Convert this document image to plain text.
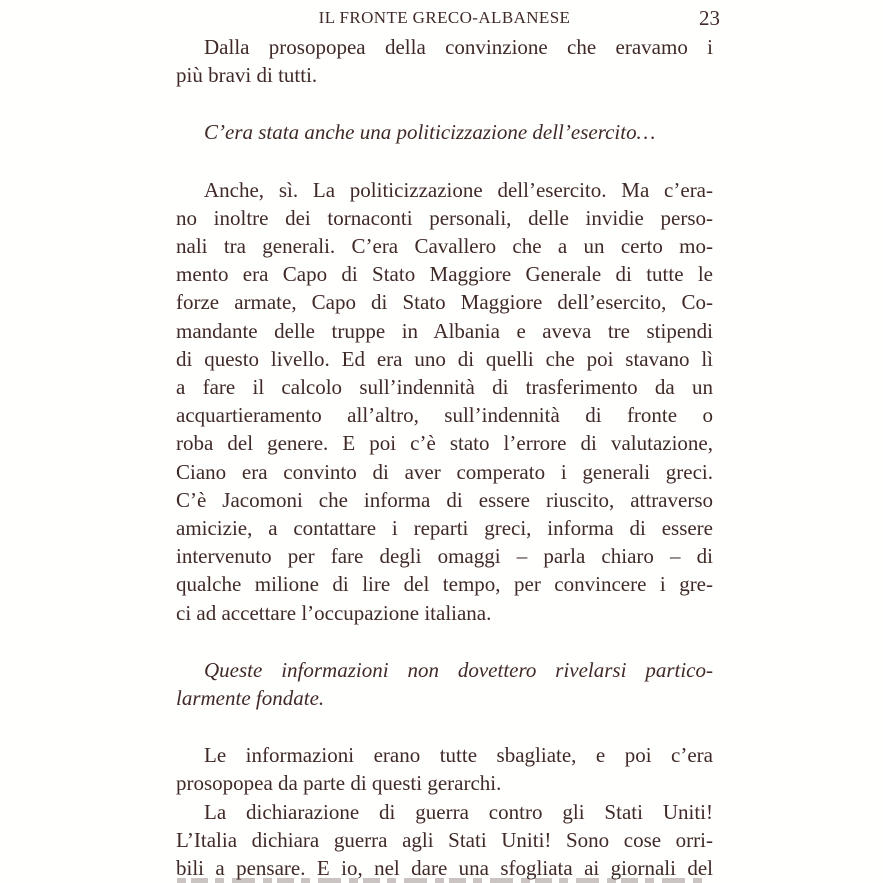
IL FRONTE GRECO-ALBANESE	23
Dalla prosopopea della convinzione che eravamo i
più bravi di tutti.
C’era stata anche una politicizzazione dell’esercito…
Anche, sì. La politicizzazione dell’esercito. Ma c’era-
no inoltre dei tornaconti personali, delle invidie perso-
nali tra generali. C’era Cavallero che a un certo mo-
mento era Capo di Stato Maggiore Generale di tutte le
forze armate, Capo di Stato Maggiore dell’esercito, Co-
mandante delle truppe in Albania e aveva tre stipendi
di questo livello. Ed era uno di quelli che poi stavano lì
a fare il calcolo sull’indennità di trasferimento da un
acquartieramento all’altro, sull’indennità di fronte o
roba del genere. E poi c’è stato l’errore di valutazione,
Ciano era convinto di aver comperato i generali greci.
C’è Jacomoni che informa di essere riuscito, attraverso
amicizie, a contattare i reparti greci, informa di essere
intervenuto per fare degli omaggi – parla chiaro – di
qualche milione di lire del tempo, per convincere i gre-
ci ad accettare l’occupazione italiana.
Queste informazioni non dovettero rivelarsi partico-
larmente fondate.
Le informazioni erano tutte sbagliate, e poi c’era
prosopopea da parte di questi gerarchi.
La dichiarazione di guerra contro gli Stati Uniti!
L’Italia dichiara guerra agli Stati Uniti! Sono cose orri-
bili a pensare. E io, nel dare una sfogliata ai giornali del
